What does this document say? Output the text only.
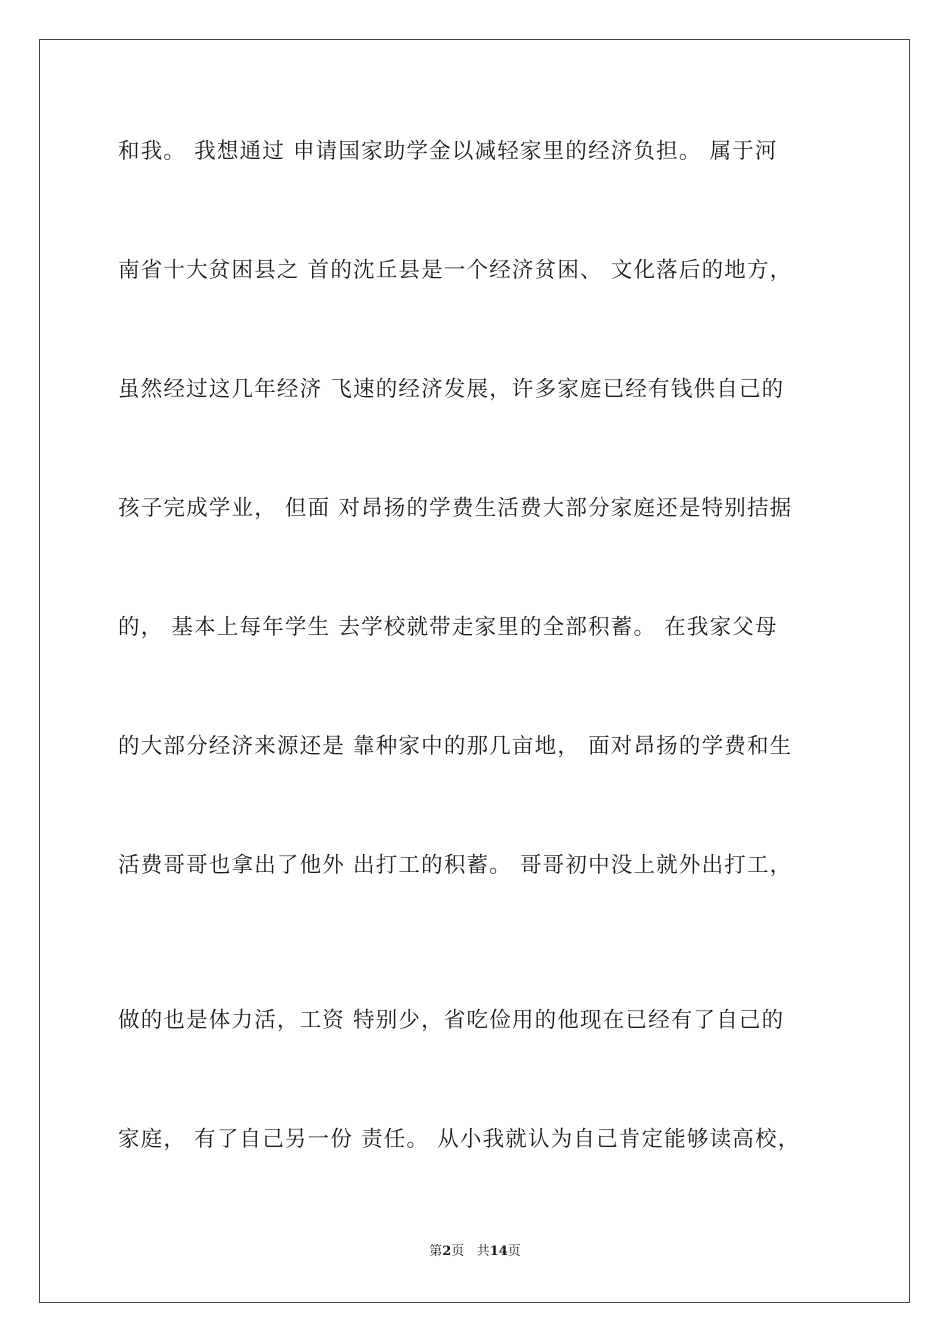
和我。 我想通过 申请国家助学金以减轻家里的经济负担。 属于河
南省十大贫困县之 首的沈丘县是一个经济贫困、 文化落后的地方，
虽然经过这几年经济 飞速的经济发展，许多家庭已经有钱供自己的
孩子完成学业， 但面 对昂扬的学费生活费大部分家庭还是特别拮据
的， 基本上每年学生 去学校就带走家里的全部积蓄。 在我家父母
的大部分经济来源还是 靠种家中的那几亩地， 面对昂扬的学费和生
活费哥哥也拿出了他外 出打工的积蓄。 哥哥初中没上就外出打工，
做的也是体力活，工资 特别少，省吃俭用的他现在已经有了自己的
家庭， 有了自己另一份 责任。 从小我就认为自己肯定能够读高校，
第2页 共14页
